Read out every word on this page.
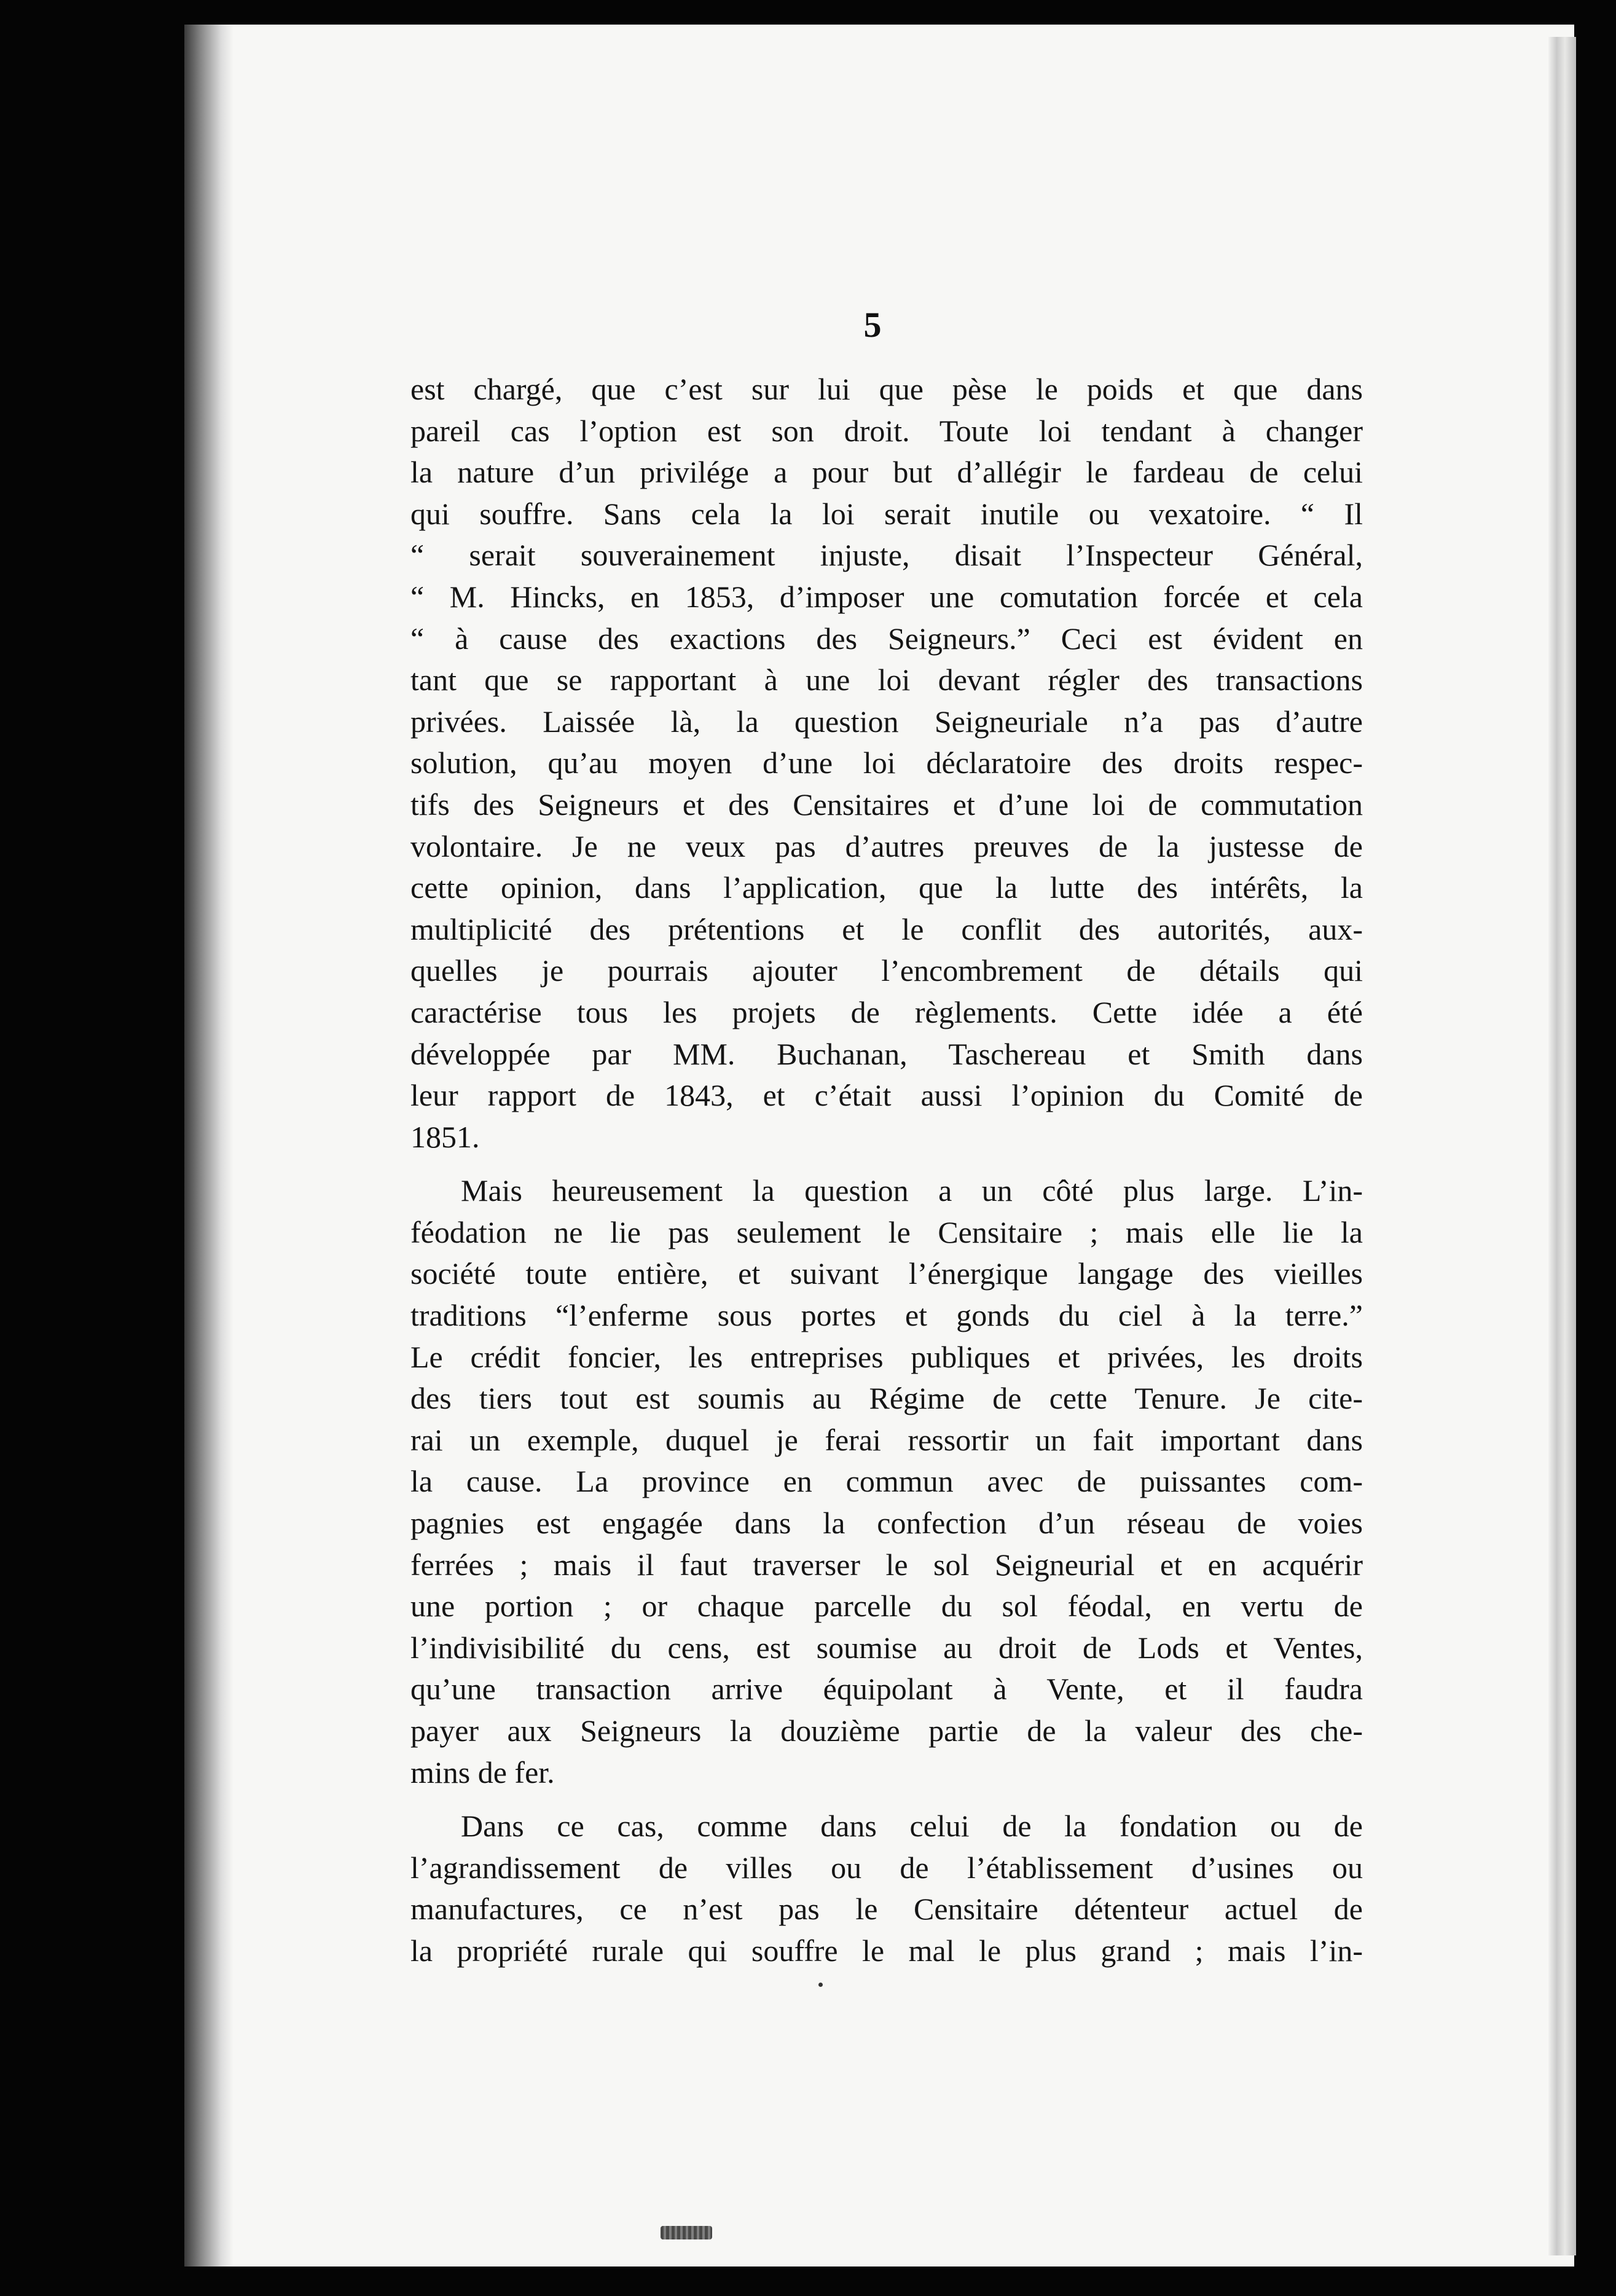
5

est chargé, que c’est sur lui que pèse le poids et que dans
pareil cas l’option est son droit. Toute loi tendant à changer
la nature d’un privilége a pour but d’allégir le fardeau de celui
qui souffre. Sans cela la loi serait inutile ou vexatoire. “ Il
“ serait souverainement injuste, disait l’Inspecteur Général,
“ M. Hincks, en 1853, d’imposer une comutation forcée et cela
“ à cause des exactions des Seigneurs.” Ceci est évident en
tant que se rapportant à une loi devant régler des transactions
privées. Laissée là, la question Seigneuriale n’a pas d’autre
solution, qu’au moyen d’une loi déclaratoire des droits respec-
tifs des Seigneurs et des Censitaires et d’une loi de commutation
volontaire. Je ne veux pas d’autres preuves de la justesse de
cette opinion, dans l’application, que la lutte des intérêts, la
multiplicité des prétentions et le conflit des autorités, aux-
quelles je pourrais ajouter l’encombrement de détails qui
caractérise tous les projets de règlements. Cette idée a été
développée par MM. Buchanan, Taschereau et Smith dans
leur rapport de 1843, et c’était aussi l’opinion du Comité de
1851.

Mais heureusement la question a un côté plus large. L’in-
féodation ne lie pas seulement le Censitaire ; mais elle lie la
société toute entière, et suivant l’énergique langage des vieilles
traditions “l’enferme sous portes et gonds du ciel à la terre.”
Le crédit foncier, les entreprises publiques et privées, les droits
des tiers tout est soumis au Régime de cette Tenure. Je cite-
rai un exemple, duquel je ferai ressortir un fait important dans
la cause. La province en commun avec de puissantes com-
pagnies est engagée dans la confection d’un réseau de voies
ferrées ; mais il faut traverser le sol Seigneurial et en acquérir
une portion ; or chaque parcelle du sol féodal, en vertu de
l’indivisibilité du cens, est soumise au droit de Lods et Ventes,
qu’une transaction arrive équipolant à Vente, et il faudra
payer aux Seigneurs la douzième partie de la valeur des che-
mins de fer.

Dans ce cas, comme dans celui de la fondation ou de
l’agrandissement de villes ou de l’établissement d’usines ou
manufactures, ce n’est pas le Censitaire détenteur actuel de
la propriété rurale qui souffre le mal le plus grand ; mais l’in-
